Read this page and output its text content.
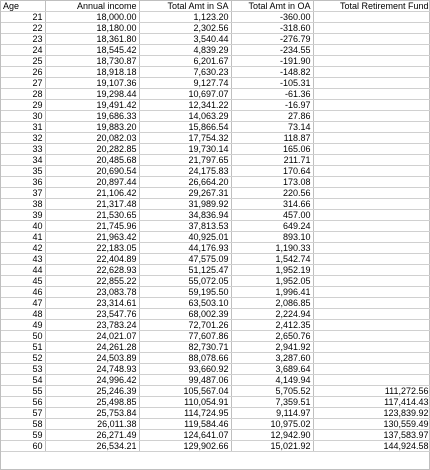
Age	Annual income	Total Amt in SA	Total Amt in OA	Total Retirement Fund
21	18,000.00	1,123.20	-360.00	
22	18,180.00	2,302.56	-318.60	
23	18,361.80	3,540.44	-276.79	
24	18,545.42	4,839.29	-234.55	
25	18,730.87	6,201.67	-191.90	
26	18,918.18	7,630.23	-148.82	
27	19,107.36	9,127.74	-105.31	
28	19,298.44	10,697.07	-61.36	
29	19,491.42	12,341.22	-16.97	
30	19,686.33	14,063.29	27.86	
31	19,883.20	15,866.54	73.14	
32	20,082.03	17,754.32	118.87	
33	20,282.85	19,730.14	165.06	
34	20,485.68	21,797.65	211.71	
35	20,690.54	24,175.83	170.64	
36	20,897.44	26,664.20	173.08	
37	21,106.42	29,267.31	220.56	
38	21,317.48	31,989.92	314.66	
39	21,530.65	34,836.94	457.00	
40	21,745.96	37,813.53	649.24	
41	21,963.42	40,925.01	893.10	
42	22,183.05	44,176.93	1,190.33	
43	22,404.89	47,575.09	1,542.74	
44	22,628.93	51,125.47	1,952.19	
45	22,855.22	55,072.05	1,952.05	
46	23,083.78	59,195.50	1,996.41	
47	23,314.61	63,503.10	2,086.85	
48	23,547.76	68,002.39	2,224.94	
49	23,783.24	72,701.26	2,412.35	
50	24,021.07	77,607.86	2,650.76	
51	24,261.28	82,730.71	2,941.92	
52	24,503.89	88,078.66	3,287.60	
53	24,748.93	93,660.92	3,689.64	
54	24,996.42	99,487.06	4,149.94	
55	25,246.39	105,567.04	5,705.52	111,272.56
56	25,498.85	110,054.91	7,359.51	117,414.43
57	25,753.84	114,724.95	9,114.97	123,839.92
58	26,011.38	119,584.46	10,975.02	130,559.49
59	26,271.49	124,641.07	12,942.90	137,583.97
60	26,534.21	129,902.66	15,021.92	144,924.58
